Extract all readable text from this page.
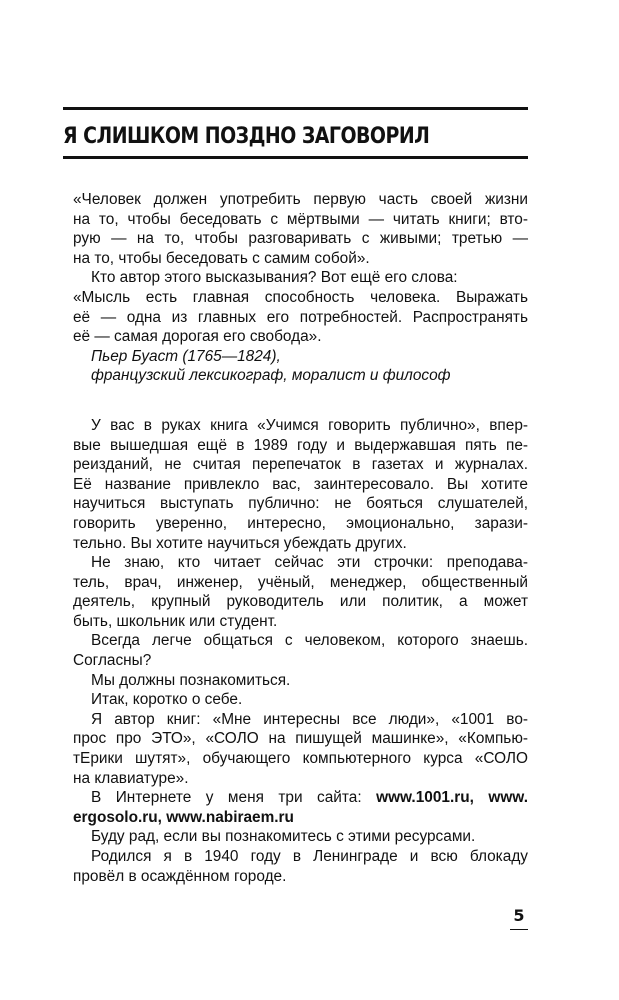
Я СЛИШКОМ ПОЗДНО ЗАГОВОРИЛ
«Человек должен употребить первую часть своей жизни
на то, чтобы беседовать с мёртвыми — читать книги; вто-
рую — на то, чтобы разговаривать с живыми; третью —
на то, чтобы беседовать с самим собой».
Кто автор этого высказывания? Вот ещё его слова:
«Мысль есть главная способность человека. Выражать
её — одна из главных его потребностей. Распространять
её — самая дорогая его свобода».
Пьер Буаст (1765—1824),
французский лексикограф, моралист и философ
У вас в руках книга «Учимся говорить публично», впер-
вые вышедшая ещё в 1989 году и выдержавшая пять пе-
реизданий, не считая перепечаток в газетах и журналах.
Её название привлекло вас, заинтересовало. Вы хотите
научиться выступать публично: не бояться слушателей,
говорить уверенно, интересно, эмоционально, зарази-
тельно. Вы хотите научиться убеждать других.
Не знаю, кто читает сейчас эти строчки: преподава-
тель, врач, инженер, учёный, менеджер, общественный
деятель, крупный руководитель или политик, а может
быть, школьник или студент.
Всегда легче общаться с человеком, которого знаешь.
Согласны?
Мы должны познакомиться.
Итак, коротко о себе.
Я автор книг: «Мне интересны все люди», «1001 во-
прос про ЭТО», «СОЛО на пишущей машинке», «Компью-
тЕрики шутят», обучающего компьютерного курса «СОЛО
на клавиатуре».
В Интернете у меня три сайта: www.1001.ru, www.
ergosolo.ru, www.nabiraem.ru
Буду рад, если вы познакомитесь с этими ресурсами.
Родился я в 1940 году в Ленинграде и всю блокаду
провёл в осаждённом городе.
5
